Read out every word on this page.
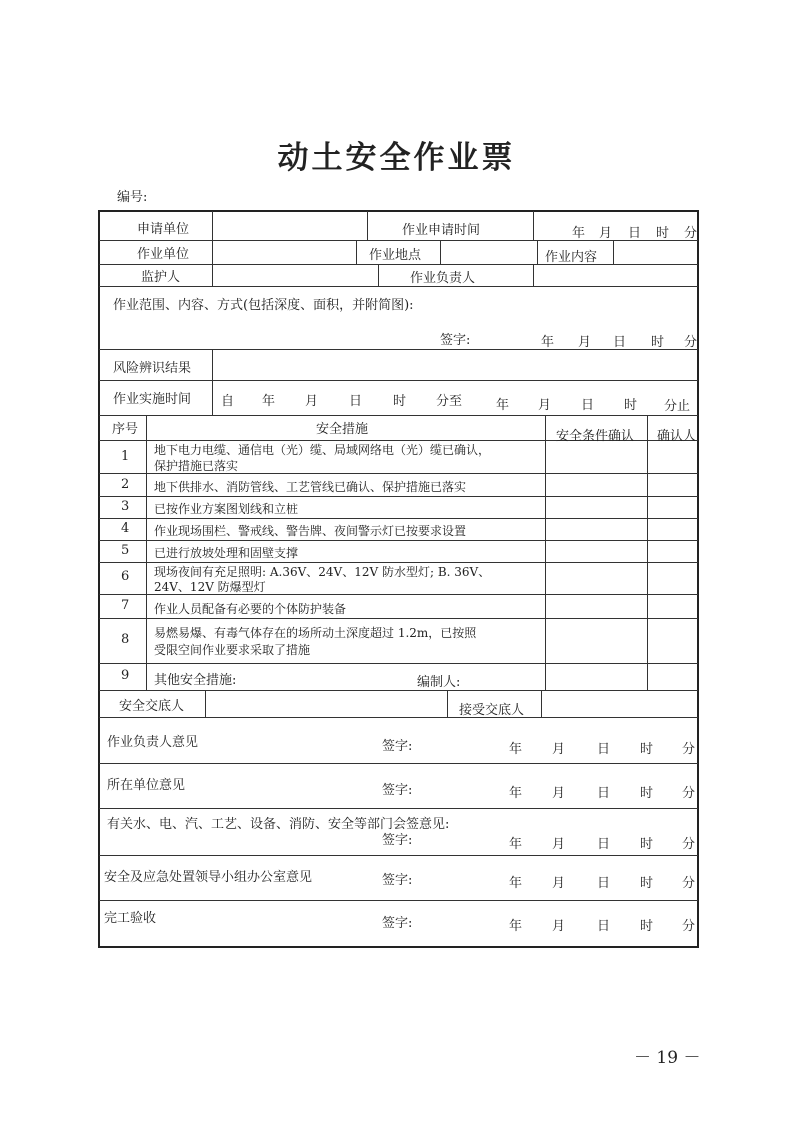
动土安全作业票
编号:
申请单位	作业申请时间	年 月 日 时 分
作业单位	作业地点	作业内容
监护人	作业负责人
作业范围、内容、方式(包括深度、面积，并附简图):
签字:	年 月 日 时 分
风险辨识结果
作业实施时间 自 年 月 日 时 分至	年 月 日 时 分止
序号	安全措施	安全条件确认 确认人
1 地下电力电缆、通信电（光）缆、局域网络电（光）缆已确认，
保护措施已落实
2 地下供排水、消防管线、工艺管线已确认、保护措施已落实
3 已按作业方案图划线和立桩
4 作业现场围栏、警戒线、警告牌、夜间警示灯已按要求设置
5 已进行放坡处理和固壁支撑
6 现场夜间有充足照明: A.36V、24V、12V 防水型灯; B. 36V、
24V、12V 防爆型灯
7 作业人员配备有必要的个体防护装备
8 易燃易爆、有毒气体存在的场所动土深度超过 1.2m，已按照
受限空间作业要求采取了措施
9 其他安全措施:	编制人:
安全交底人	接受交底人
作业负责人意见	签字:	年 月 日 时 分
所在单位意见	签字:	年 月 日 时 分
有关水、电、汽、工艺、设备、消防、安全等部门会签意见:
签字:	年 月 日 时 分
安全及应急处置领导小组办公室意见	签字:	年 月 日 时 分
完工验收	签字:	年 月 日 时 分
－ 19 －
